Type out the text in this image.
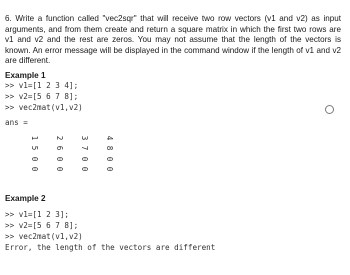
6. Write a function called "vec2sqr" that will receive two row vectors (v1 and v2) as input arguments, and from them create and return a square matrix in which the first two rows are v1 and v2 and the rest are zeros. You may not assume that the length of the vectors is known. An error message will be displayed in the command window if the length of v1 and v2 are different.

Example 1
>> v1=[1 2 3 4];
>> v2=[5 6 7 8];
>> vec2mat(v1,v2)
ans =
1 2 3 4
5 6 7 8
0 0 0 0
0 0 0 0
Example 2
>> v1=[1 2 3];
>> v2=[5 6 7 8];
>> vec2mat(v1,v2)
Error, the length of the vectors are different
